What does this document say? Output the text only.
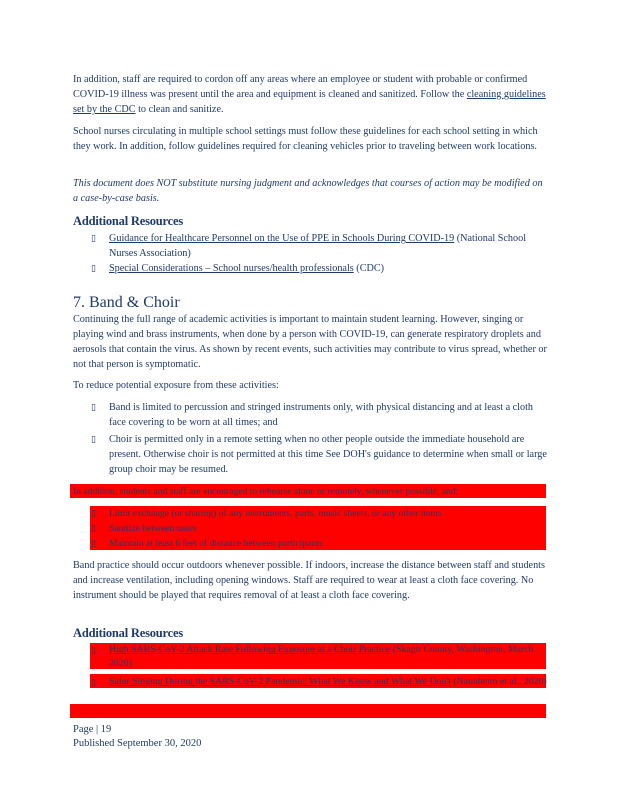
In addition, staff are required to cordon off any areas where an employee or student with probable or confirmed COVID-19 illness was present until the area and equipment is cleaned and sanitized. Follow the cleaning guidelines set by the CDC to clean and sanitize.

School nurses circulating in multiple school settings must follow these guidelines for each school setting in which they work. In addition, follow guidelines required for cleaning vehicles prior to traveling between work locations.

This document does NOT substitute nursing judgment and acknowledges that courses of action may be modified on a case-by-case basis.

Additional Resources
▯ Guidance for Healthcare Personnel on the Use of PPE in Schools During COVID-19 (National School Nurses Association)
▯ Special Considerations – School nurses/health professionals (CDC)
7. Band & Choir

Continuing the full range of academic activities is important to maintain student learning. However, singing or playing wind and brass instruments, when done by a person with COVID-19, can generate respiratory droplets and aerosols that contain the virus. As shown by recent events, such activities may contribute to virus spread, whether or not that person is symptomatic.

To reduce potential exposure from these activities:

▯ Band is limited to percussion and stringed instruments only, with physical distancing and at least a cloth face covering to be worn at all times; and
▯ Choir is permitted only in a remote setting when no other people outside the immediate household are present. Otherwise choir is not permitted at this time See DOH's guidance to determine when small or large group choir may be resumed.

In addition, students and staff are encouraged to rehearse alone or remotely, whenever possible, and:

▯ Limit exchange (or sharing) of any instruments, parts, music sheets, or any other items
▯ Sanitize between users
▯ Maintain at least 6 feet of distance between participants

Band practice should occur outdoors whenever possible. If indoors, increase the distance between staff and students and increase ventilation, including opening windows. Staff are required to wear at least a cloth face covering. No instrument should be played that requires removal of at least a cloth face covering.

Additional Resources
▯ High SARS-CoV-2 Attack Rate Following Exposure at a Choir Practice (Skagit County, Washington, March 2020)
▯ Safer Singing During the SARS-CoV-2 Pandemic: What We Know and What We Don't (Naunheim et al., 2020)
Page | 19
Published September 30, 2020
